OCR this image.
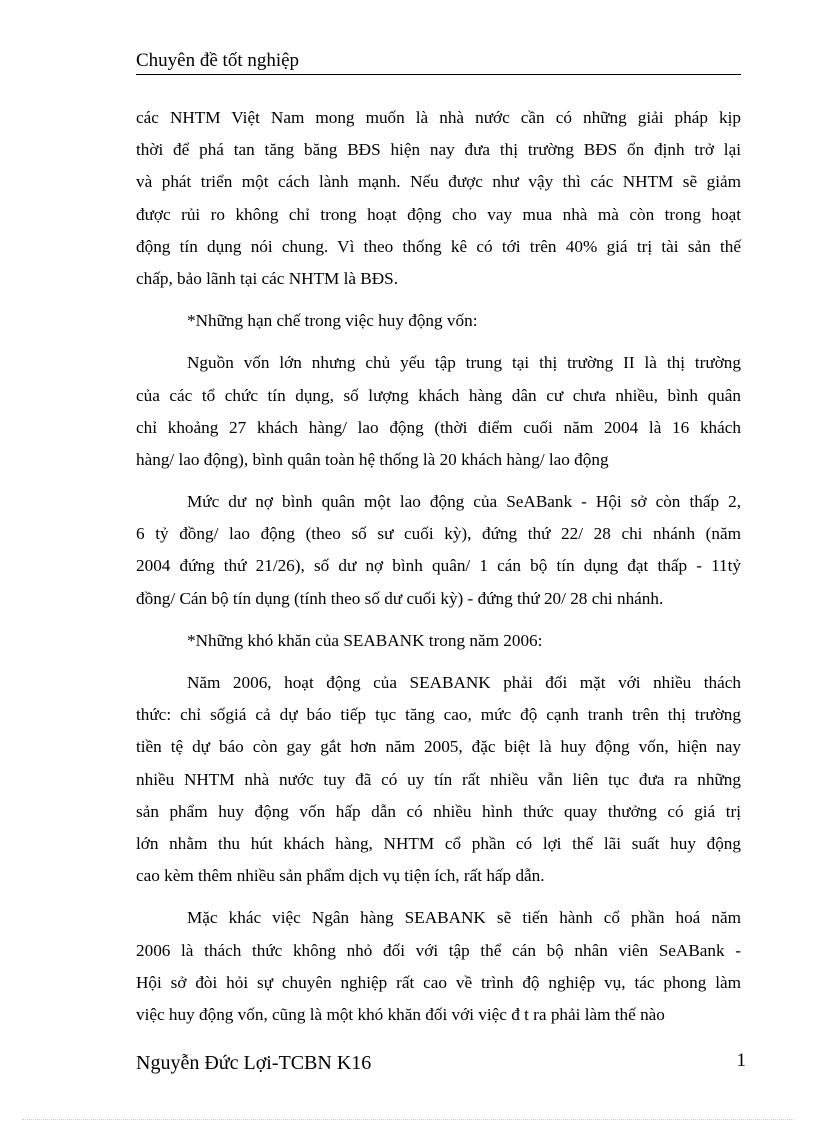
Chuyên đề tốt nghiệp
các NHTM Việt Nam mong muốn là nhà nước cần có những giải pháp kịp
thời để phá tan tăng băng BĐS hiện nay đưa thị trường BĐS ổn định trở lại
và phát triển một cách lành mạnh. Nếu được như vậy thì các NHTM sẽ giảm
được rủi ro không chỉ trong hoạt động cho vay mua nhà mà còn trong hoạt
động tín dụng nói chung. Vì theo thống kê có tới trên 40% giá trị tài sản thế
chấp, bảo lãnh tại các NHTM là BĐS.
*Những hạn chế trong việc huy động vốn:
Nguồn vốn lớn nhưng chủ yếu tập trung tại thị trường II là thị trường
của các tổ chức tín dụng, số lượng khách hàng dân cư chưa nhiều, bình quân
chỉ khoảng 27 khách hàng/ lao động (thời điểm cuối năm 2004 là 16 khách
hàng/ lao động), bình quân toàn hệ thống là 20 khách hàng/ lao động
Mức dư nợ bình quân một lao động của SeABank - Hội sở còn thấp 2,
6 tỷ đồng/ lao động (theo số sư cuối kỳ), đứng thứ 22/ 28 chi nhánh (năm
2004 đứng thứ 21/26), số dư nợ bình quân/ 1 cán bộ tín dụng đạt thấp - 11tỷ
đồng/ Cán bộ tín dụng (tính theo số dư cuối kỳ) - đứng thứ 20/ 28 chi nhánh.
*Những khó khăn của SEABANK trong năm 2006:
Năm 2006, hoạt động của SEABANK phải đối mặt với nhiều thách
thức: chỉ sốgiá cả dự báo tiếp tục tăng cao, mức độ cạnh tranh trên thị trường
tiền tệ dự báo còn gay gắt hơn năm 2005, đặc biệt là huy động vốn, hiện nay
nhiều NHTM nhà nước tuy đã có uy tín rất nhiều vẫn liên tục đưa ra những
sản phẩm huy động vốn hấp dẫn có nhiều hình thức quay thưởng có giá trị
lớn nhằm thu hút khách hàng, NHTM cổ phần có lợi thế lãi suất huy động
cao kèm thêm nhiều sản phẩm dịch vụ tiện ích, rất hấp dẫn.
Mặc khác việc Ngân hàng SEABANK sẽ tiến hành cổ phần hoá năm
2006 là thách thức không nhỏ đối với tập thể cán bộ nhân viên SeABank -
Hội sở đòi hỏi sự chuyên nghiệp rất cao về trình độ nghiệp vụ, tác phong làm
việc huy động vốn, cũng là một khó khăn đối với việc đ t ra phải làm thế nào
Nguyễn Đức Lợi-TCBN K16	1
